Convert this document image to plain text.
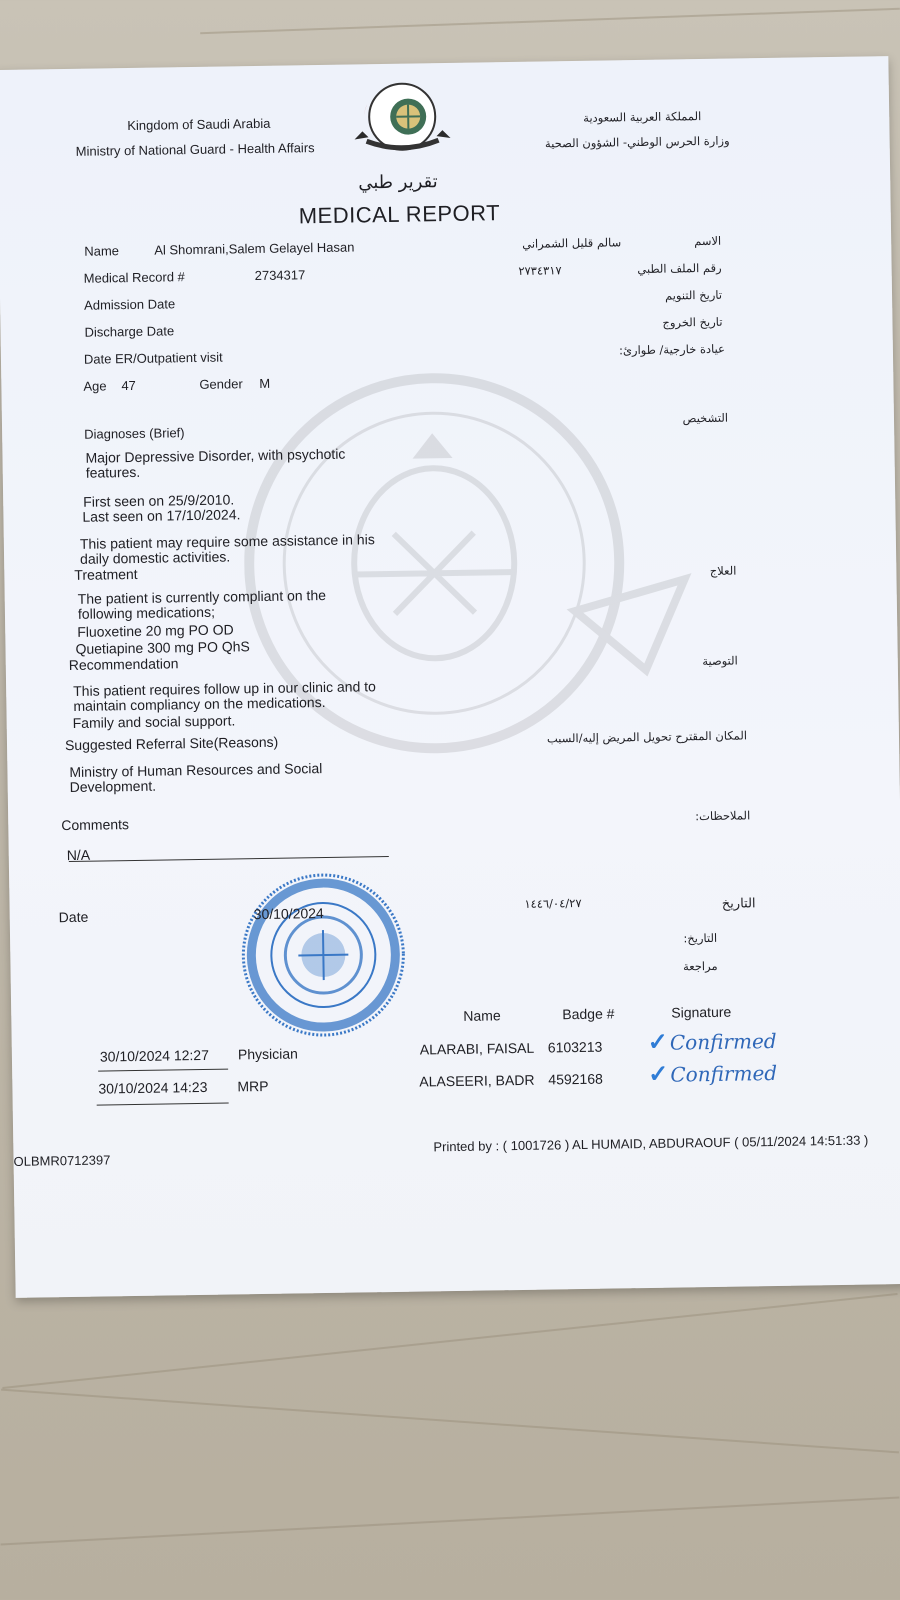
Kingdom of Saudi Arabia
Ministry of National Guard - Health Affairs
المملكة العربية السعودية
وزارة الحرس الوطني- الشؤون الصحية
تقرير طبي
MEDICAL REPORT
Name	Al Shomrani,Salem Gelayel Hasan	سالم قليل الشمراني	الاسم
Medical Record #	2734317	٢٧٣٤٣١٧	رقم الملف الطبي
Admission Date
تاريخ التنويم
Discharge Date
تاريخ الخروج
Date ER/Outpatient visit
عيادة خارجية/ طوارئ:
Age 47	Gender M
Diagnoses (Brief)
التشخيص
Major Depressive Disorder, with psychotic features.
First seen on 25/9/2010.
Last seen on 17/10/2024.
This patient may require some assistance in his daily domestic activities.
Treatment	العلاج
The patient is currently compliant on the following medications;
Fluoxetine 20 mg PO OD
Quetiapine 300 mg PO QhS
Recommendation	التوصية
This patient requires follow up in our clinic and to maintain compliancy on the medications.
Family and social support.
Suggested Referral Site(Reasons)	المكان المقترح تحويل المريض إليه/السبب
Ministry of Human Resources and Social Development.
Comments
الملاحظات:
N/A
Date	30/10/2024
١٤٤٦/٠٤/٢٧	التاريخ
التاريخ:
مراجعة
Name	Badge #	Signature
30/10/2024 12:27 Physician	ALARABI, FAISAL 6103213 ✓Confirmed
30/10/2024 14:23 MRP	ALASEERI, BADR 4592168 ✓Confirmed
OLBMR0712397
Printed by : ( 1001726 ) AL HUMAID, ABDURAOUF ( 05/11/2024 14:51:33 )
